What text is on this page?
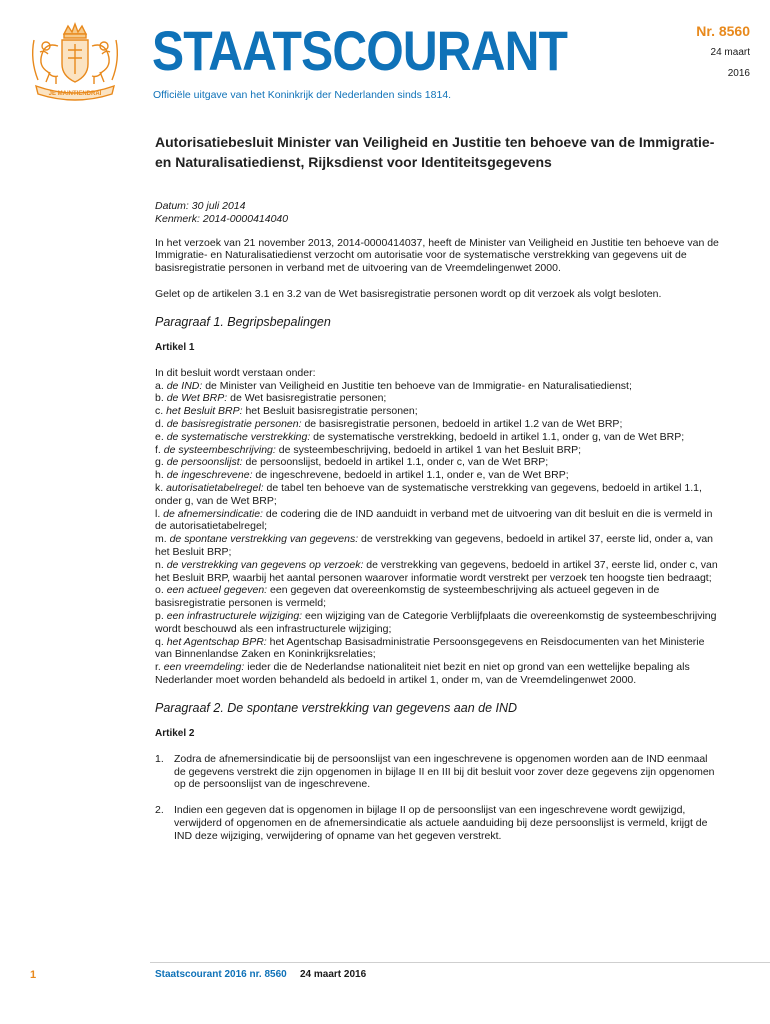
JE MAINTIENDRAI
STAATSCOURANT
Officiële uitgave van het Koninkrijk der Nederlanden sinds 1814.
Nr. 8560
24 maart
2016
Autorisatiebesluit Minister van Veiligheid en Justitie ten behoeve van de Immigratie- en Naturalisatiedienst, Rijksdienst voor Identiteitsgegevens

Datum: 30 juli 2014

Kenmerk: 2014-0000414040

In het verzoek van 21 november 2013, 2014-0000414037, heeft de Minister van Veiligheid en Justitie ten behoeve van de Immigratie- en Naturalisatiedienst verzocht om autorisatie voor de systematische verstrekking van gegevens uit de basisregistratie personen in verband met de uitvoering van de Vreemdelingenwet 2000.

Gelet op de artikelen 3.1 en 3.2 van de Wet basisregistratie personen wordt op dit verzoek als volgt besloten.

Paragraaf 1. Begripsbepalingen
Artikel 1

In dit besluit wordt verstaan onder:

a. de IND: de Minister van Veiligheid en Justitie ten behoeve van de Immigratie- en Naturalisatiedienst;

b. de Wet BRP: de Wet basisregistratie personen;

c. het Besluit BRP: het Besluit basisregistratie personen;

d. de basisregistratie personen: de basisregistratie personen, bedoeld in artikel 1.2 van de Wet BRP;

e. de systematische verstrekking: de systematische verstrekking, bedoeld in artikel 1.1, onder g, van de Wet BRP;

f. de systeembeschrijving: de systeembeschrijving, bedoeld in artikel 1 van het Besluit BRP;

g. de persoonslijst: de persoonslijst, bedoeld in artikel 1.1, onder c, van de Wet BRP;

h. de ingeschrevene: de ingeschrevene, bedoeld in artikel 1.1, onder e, van de Wet BRP;

k. autorisatietabelregel: de tabel ten behoeve van de systematische verstrekking van gegevens, bedoeld in artikel 1.1, onder g, van de Wet BRP;

l. de afnemersindicatie: de codering die de IND aanduidt in verband met de uitvoering van dit besluit en die is vermeld in de autorisatietabelregel;

m. de spontane verstrekking van gegevens: de verstrekking van gegevens, bedoeld in artikel 37, eerste lid, onder a, van het Besluit BRP;

n. de verstrekking van gegevens op verzoek: de verstrekking van gegevens, bedoeld in artikel 37, eerste lid, onder c, van het Besluit BRP, waarbij het aantal personen waarover informatie wordt verstrekt per verzoek ten hoogste tien bedraagt;

o. een actueel gegeven: een gegeven dat overeenkomstig de systeembeschrijving als actueel gegeven in de basisregistratie personen is vermeld;

p. een infrastructurele wijziging: een wijziging van de Categorie Verblijfplaats die overeenkomstig de systeembeschrijving wordt beschouwd als een infrastructurele wijziging;

q. het Agentschap BPR: het Agentschap Basisadministratie Persoonsgegevens en Reisdocumenten van het Ministerie van Binnenlandse Zaken en Koninkrijksrelaties;

r. een vreemdeling: ieder die de Nederlandse nationaliteit niet bezit en niet op grond van een wettelijke bepaling als Nederlander moet worden behandeld als bedoeld in artikel 1, onder m, van de Vreemdelingenwet 2000.

Paragraaf 2. De spontane verstrekking van gegevens aan de IND
Artikel 2
1. Zodra de afnemersindicatie bij de persoonslijst van een ingeschrevene is opgenomen worden aan de IND eenmaal de gegevens verstrekt die zijn opgenomen in bijlage II en III bij dit besluit voor zover deze gegevens zijn opgenomen op de persoonslijst van de ingeschrevene.
2. Indien een gegeven dat is opgenomen in bijlage II op de persoonslijst van een ingeschrevene wordt gewijzigd, verwijderd of opgenomen en de afnemersindicatie als actuele aanduiding bij deze persoonslijst is vermeld, krijgt de IND deze wijziging, verwijdering of opname van het gegeven verstrekt.
1	Staatscourant 2016 nr. 8560 24 maart 2016
